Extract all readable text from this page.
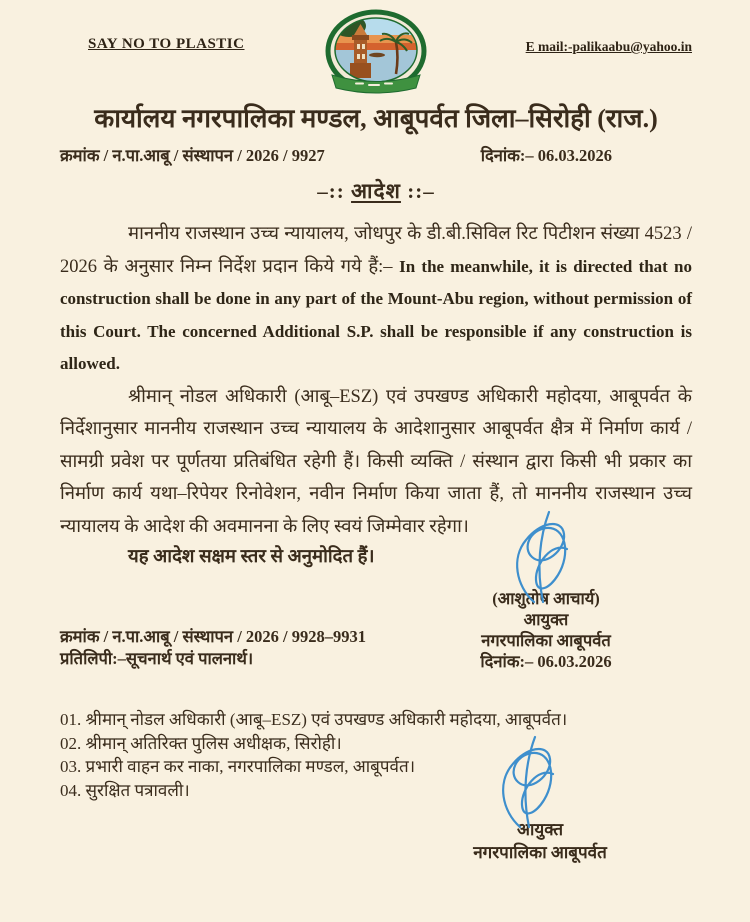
SAY NO TO PLASTIC	E mail:-palikaabu@yahoo.in
कार्यालय नगरपालिका मण्डल, आबूपर्वत जिला–सिरोही (राज.)
क्रमांक / न.पा.आबू / संस्थापन / 2026 / 9927	दिनांक:– 06.03.2026
–:: आदेश ::–

माननीय राजस्थान उच्च न्यायालय, जोधपुर के डी.बी.सिविल रिट पिटीशन संख्या 4523 / 2026 के अनुसार निम्न निर्देश प्रदान किये गये हैं:– In the meanwhile, it is directed that no construction shall be done in any part of the Mount-Abu region, without permission of this Court. The concerned Additional S.P. shall be responsible if any construction is allowed.

श्रीमान् नोडल अधिकारी (आबू–ESZ) एवं उपखण्ड अधिकारी महोदया, आबूपर्वत के निर्देशानुसार माननीय राजस्थान उच्च न्यायालय के आदेशानुसार आबूपर्वत क्षैत्र में निर्माण कार्य / सामग्री प्रवेश पर पूर्णतया प्रतिबंधित रहेगी हैं। किसी व्यक्ति / संस्थान द्वारा किसी भी प्रकार का निर्माण कार्य यथा–रिपेयर रिनोवेशन, नवीन निर्माण किया जाता हैं, तो माननीय राजस्थान उच्च न्यायालय के आदेश की अवमानना के लिए स्वयं जिम्मेवार रहेगा।

यह आदेश सक्षम स्तर से अनुमोदित हैं।

(आशुतोष आचार्य)
आयुक्त
नगरपालिका आबूपर्वत
दिनांक:– 06.03.2026
क्रमांक / न.पा.आबू / संस्थापन / 2026 / 9928–9931
प्रतिलिपी:–सूचनार्थ एवं पालनार्थ।
01. श्रीमान् नोडल अधिकारी (आबू–ESZ) एवं उपखण्ड अधिकारी महोदया, आबूपर्वत।
02. श्रीमान् अतिरिक्त पुलिस अधीक्षक, सिरोही।
03. प्रभारी वाहन कर नाका, नगरपालिका मण्डल, आबूपर्वत।
04. सुरक्षित पत्रावली।
आयुक्त
नगरपालिका आबूपर्वत
